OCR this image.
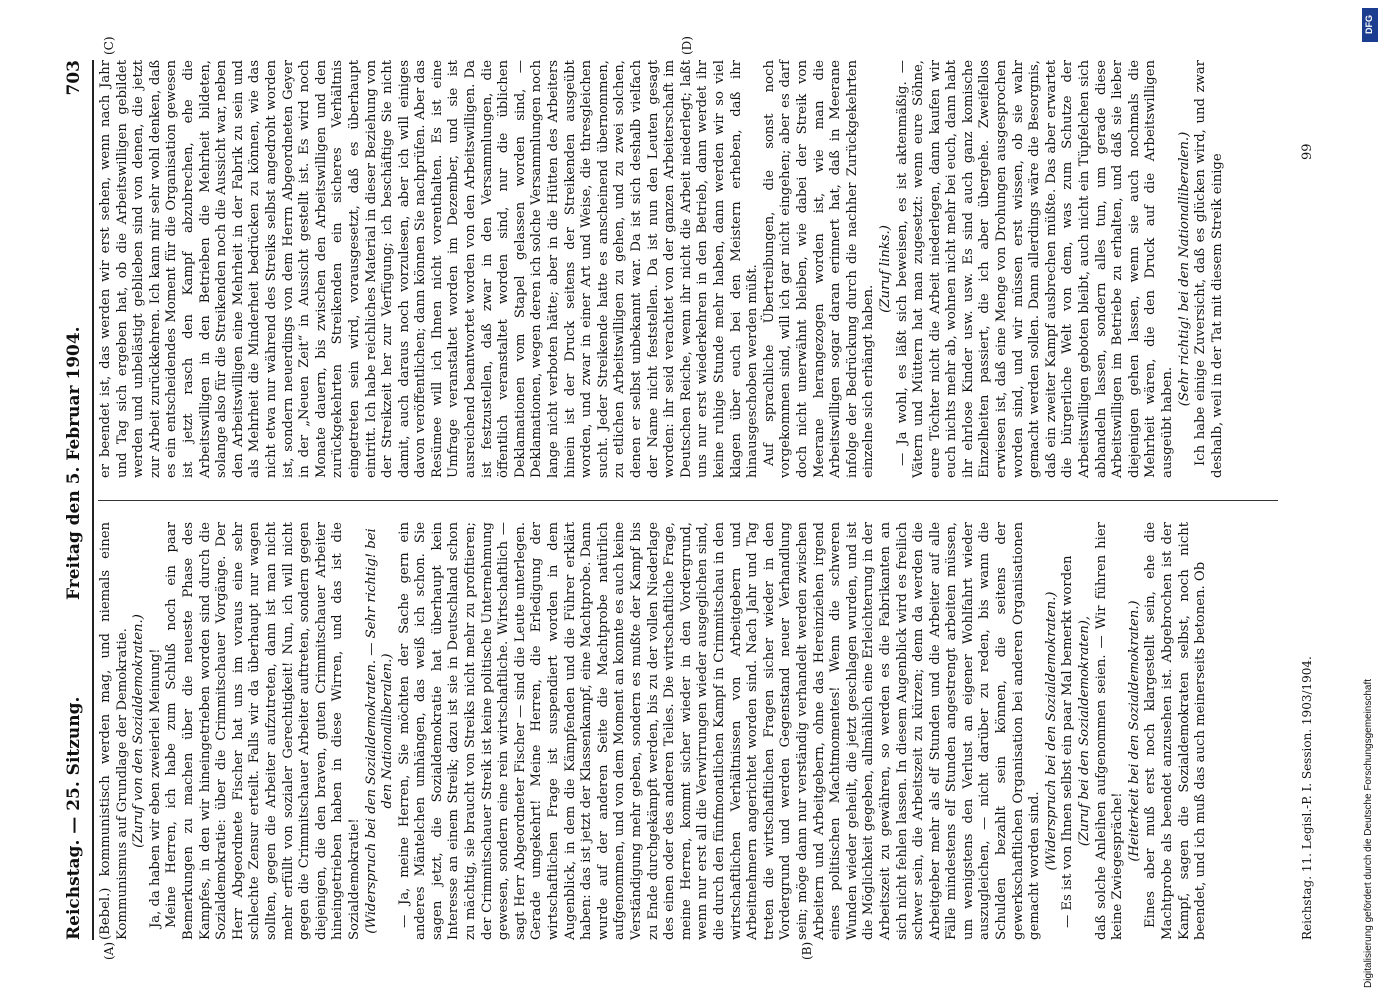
Reichstag. — 25. Sitzung.
Freitag den 5. Februar 1904.
703
(A)	(B)
(C)	(D)

(Bebel.) kommunistisch werden mag, und niemals einen Kommunismus auf Grundlage der Demokratie. (Zuruf von den Sozialdemokraten.) Ja, da haben wir eben zweierlei Meinung! Meine Herren, ich habe zum Schluß noch ein paar Bemerkungen zu machen über die neueste Phase des Kampfes, in den wir hineingetrieben worden sind durch die Sozialdemokratie: über die Crimmitschauer Vorgänge. Der Herr Abgeordnete Fischer hat uns im voraus eine sehr schlechte Zensur erteilt. Falls wir da überhaupt nur wagen sollten, gegen die Arbeiter aufzutreten, dann ist man nicht mehr erfüllt von sozialer Gerechtigkeit! Nun, ich will nicht gegen die Crimmitschauer Arbeiter auftreten, sondern gegen diejenigen, die den braven, guten Crimmitschauer Arbeiter hineingetrieben haben in diese Wirren, und das ist die Sozialdemokratie! (Widerspruch bei den Sozialdemokraten. — Sehr richtig! bei den Nationalliberalen.) — Ja, meine Herren, Sie möchten der Sache gern ein anderes Mäntelchen umhängen, das weiß ich schon. Sie sagen jetzt, die Sozialdemokratie hat überhaupt kein Interesse an einem Streik; dazu ist sie in Deutschland schon zu mächtig, sie braucht von Streiks nicht mehr zu profitieren; der Crimmitschauer Streik ist keine politische Unternehmung gewesen, sondern eine rein wirtschaftliche. Wirtschaftlich — sagt Herr Abgeordneter Fischer — sind die Leute unterlegen. Gerade umgekehrt! Meine Herren, die Erledigung der wirtschaftlichen Frage ist suspendiert worden in dem Augenblick, in dem die Kämpfenden und die Führer erklärt haben: das ist jetzt der Klassenkampf, eine Machtprobe. Dann wurde auf der anderen Seite die Machtprobe natürlich aufgenommen, und von dem Moment an konnte es auch keine Verständigung mehr geben, sondern es mußte der Kampf bis zu Ende durchgekämpft werden, bis zu der vollen Niederlage des einen oder des anderen Teiles. Die wirtschaftliche Frage, meine Herren, kommt sicher wieder in den Vordergrund, wenn nur erst all die Verwirrungen wieder ausgeglichen sind, die durch den fünfmonatlichen Kampf in Crimmitschau in den wirtschaftlichen Verhältnissen von Arbeitgebern und Arbeitnehmern angerichtet worden sind. Nach Jahr und Tag treten die wirtschaftlichen Fragen sicher wieder in den Vordergrund und werden Gegenstand neuer Verhandlung sein; möge dann nur verständig verhandelt werden zwischen Arbeitern und Arbeitgebern, ohne das Hereinziehen irgend eines politischen Machtmomentes! Wenn die schweren Wunden wieder geheilt, die jetzt geschlagen wurden, und ist die Möglichkeit gegeben, allmählich eine Erleichterung in der Arbeitszeit zu gewähren, so werden es die Fabrikanten an sich nicht fehlen lassen. In diesem Augenblick wird es freilich schwer sein, die Arbeitszeit zu kürzen; denn da werden die Arbeitgeber mehr als elf Stunden und die Arbeiter auf alle Fälle mindestens elf Stunden angestrengt arbeiten müssen, um wenigstens den Verlust an eigener Wohlfahrt wieder auszugleichen, — nicht darüber zu reden, bis wann die Schulden bezahlt sein können, die seitens der gewerkschaftlichen Organisation bei anderen Organisationen gemacht worden sind. (Widerspruch bei den Sozialdemokraten.) — Es ist von Ihnen selbst ein paar Mal bemerkt worden (Zuruf bei den Sozialdemokraten), daß solche Anleihen aufgenommen seien. — Wir führen hier keine Zwiegespräche!

(Heiterkeit bei den Sozialdemokraten.) Eines aber muß erst noch klargestellt sein, ehe die Machtprobe als beendet anzusehen ist. Abgebrochen ist der Kampf, sagen die Sozialdemokraten selbst, noch nicht beendet, und ich muß das auch meinerseits betonen. Ob

er beendet ist, das werden wir erst sehen, wenn nach Jahr und Tag sich ergeben hat, ob die Arbeitswilligen gebildet werden und unbelästigt geblieben sind von denen, die jetzt zur Arbeit zurückkehren. Ich kann mir sehr wohl denken, daß es ein entscheidendes Moment für die Organisation gewesen ist jetzt rasch den Kampf abzubrechen, ehe die Arbeitswilligen in den Betrieben die Mehrheit bildeten, solange also für die Streikenden noch die Aussicht war, neben den Arbeitswilligen eine Mehrheit in der Fabrik zu sein und als Mehrheit die Minderheit bedrücken zu können, wie das nicht etwa nur während des Streiks selbst angedroht worden ist, sondern neuerdings von dem Herrn Abgeordneten Geyer in der „Neuen Zeit“ in Aussicht gestellt ist. Es wird noch Monate dauern, bis zwischen den Arbeitswilligen und den zurückgekehrten Streikenden ein sicheres Verhältnis eingetreten sein wird, vorausgesetzt, daß es überhaupt eintritt. Ich habe reichliches Material in dieser Beziehung von der Streikzeit her zur Verfügung; ich beschäftige Sie nicht damit, auch daraus noch vorzulesen, aber ich will einiges davon veröffentlichen; dann können Sie nachprüfen. Aber das Resümee will ich Ihnen nicht vorenthalten. Es ist eine Umfrage veranstaltet worden im Dezember, und sie ist ausreichend beantwortet worden von den Arbeitswilligen. Da ist festzustellen, daß zwar in den Versammlungen, die öffentlich veranstaltet worden sind, nur die üblichen Deklamationen vom Stapel gelassen worden sind, — Deklamationen, wegen deren ich solche Versammlungen noch lange nicht verboten hätte; aber in die Hütten des Arbeiters hinein ist der Druck seitens der Streikenden ausgeübt worden, und zwar in einer Art und Weise, die thresgleichen sucht. Jeder Streikende hatte es anscheinend übernommen, zu etlichen Arbeitswilligen zu gehen, und zu zwei solchen, denen er selbst unbekannt war. Da ist sich deshalb vielfach der Name nicht feststellen. Da ist nun den Leuten gesagt worden: ihr seid verachtet von der ganzen Arbeiterschaft im Deutschen Reiche, wenn ihr nicht die Arbeit niederlegt; laßt uns nur erst wiederkehren in den Betrieb, dann werdet ihr keine ruhige Stunde mehr haben, dann werden wir so viel klagen über euch bei den Meistern erheben, daß ihr hinausgeschoben werden müßt. Auf sprachliche Übertreibungen, die sonst noch vorgekommen sind, will ich gar nicht eingehen; aber es darf doch nicht unerwähnt bleiben, wie dabei der Streik von Meerane herangezogen worden ist, wie man die Arbeitswilligen sogar daran erinnert hat, daß in Meerane infolge der Bedrückung durch die nachher Zurückgekehrten einzelne sich erhängt haben.

(Zuruf links.) — Ja wohl, es läßt sich beweisen, es ist aktenmäßig. — Vätern und Müttern hat man zugesetzt: wenn eure Söhne, eure Töchter nicht die Arbeit niederlegen, dann kaufen wir euch nichts mehr ab, wohnen nicht mehr bei euch, dann habt ihr ehrlose Kinder usw. usw. Es sind auch ganz komische Einzelheiten passiert, die ich aber übergehe. Zweifellos erwiesen ist, daß eine Menge von Drohungen ausgesprochen worden sind, und wir müssen erst wissen, ob sie wahr gemacht werden sollen. Dann allerdings wäre die Besorgnis, daß ein zweiter Kampf ausbrechen müßte. Das aber erwartet die bürgerliche Welt von dem, was zum Schutze der Arbeitswilligen geboten bleibt, auch nicht ein Tüpfelchen sich abhandeln lassen, sondern alles tun, um gerade diese Arbeitswilligen im Betriebe zu erhalten, und daß sie lieber diejenigen gehen lassen, wenn sie auch nochmals die Mehrheit wären, die den Druck auf die Arbeitswilligen ausgeübt haben.

(Sehr richtig! bei den Nationalliberalen.) Ich habe einige Zuversicht, daß es glücken wird, und zwar deshalb, weil in der Tat mit diesem Streik einige

Reichstag. 11. Legisl.-P. I. Session. 1903/1904.
99
DFG
Digitalisierung gefördert durch die Deutsche Forschungsgemeinschaft
